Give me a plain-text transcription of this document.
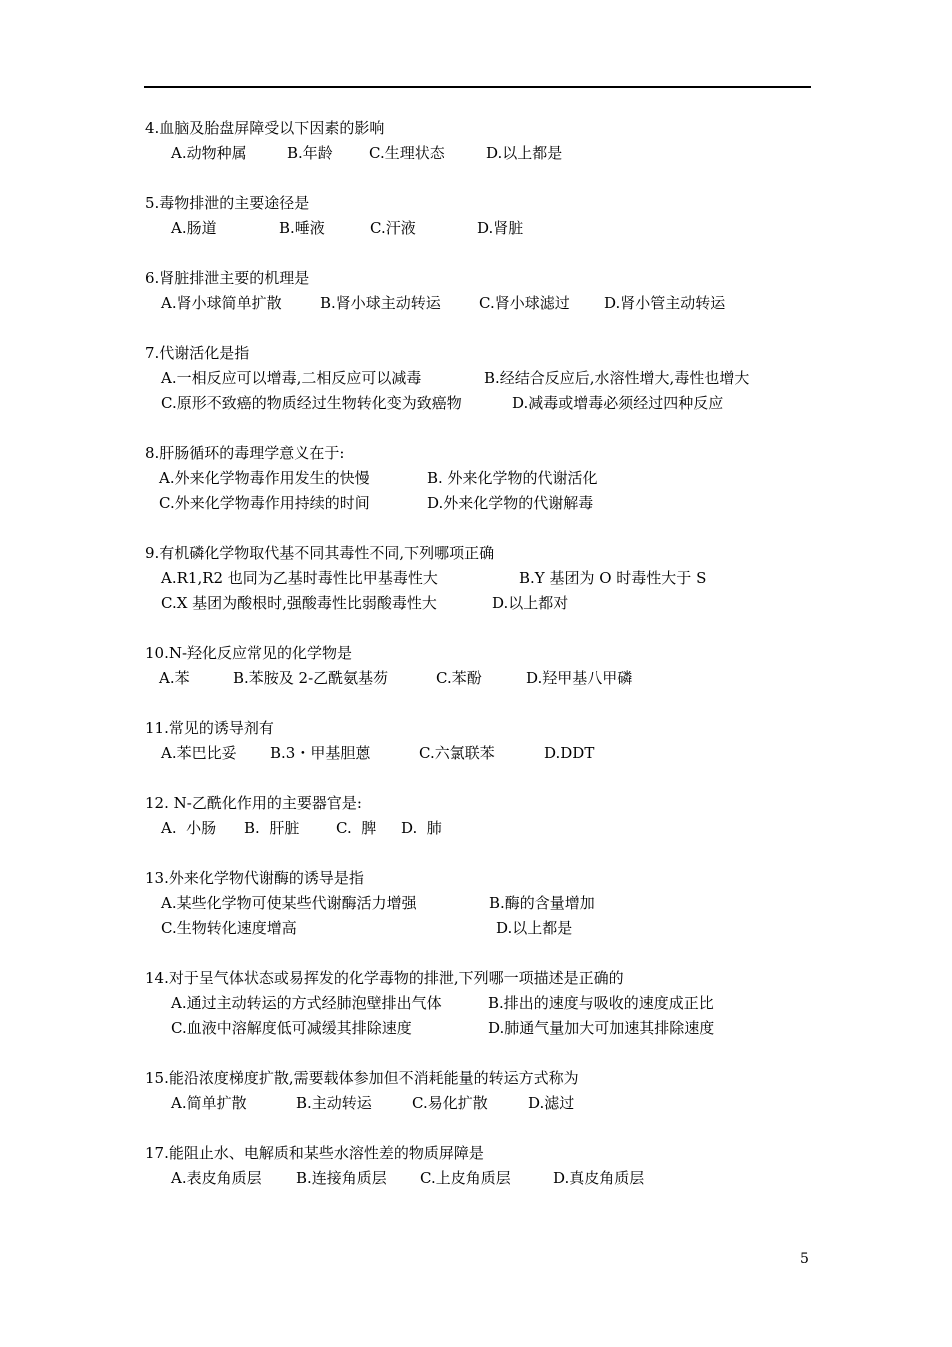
4.血脑及胎盘屏障受以下因素的影响
A.动物种属	B.年龄 C.生理状态	D.以上都是
5.毒物排泄的主要途径是
A.肠道	B.唾液	C.汗液	D.肾脏
6.肾脏排泄主要的机理是
A.肾小球简单扩散	B.肾小球主动转运	C.肾小球滤过 D.肾小管主动转运
7.代谢活化是指
A.一相反应可以增毒,二相反应可以减毒	B.经结合反应后,水溶性增大,毒性也增大
C.原形不致癌的物质经过生物转化变为致癌物	D.减毒或增毒必须经过四种反应
8.肝肠循环的毒理学意义在于:
A.外来化学物毒作用发生的快慢	B. 外来化学物的代谢活化
C.外来化学物毒作用持续的时间	D.外来化学物的代谢解毒
9.有机磷化学物取代基不同其毒性不同,下列哪项正确
A.R1,R2 也同为乙基时毒性比甲基毒性大	B.Y 基团为 O 时毒性大于 S
C.X 基团为酸根时,强酸毒性比弱酸毒性大	D.以上都对
10.N-羟化反应常见的化学物是
A.苯	B.苯胺及 2-乙酰氨基芴	C.苯酚	D.羟甲基八甲磷
11.常见的诱导剂有
A.苯巴比妥 B.3・甲基胆蒽	C.六氯联苯	D.DDT
12. N-乙酰化作用的主要器官是:
A.  小肠 B.  肝脏 C.  脾 D.  肺
13.外来化学物代谢酶的诱导是指
A.某些化学物可使某些代谢酶活力增强	B.酶的含量增加
C.生物转化速度增高	D.以上都是
14.对于呈气体状态或易挥发的化学毒物的排泄,下列哪一项描述是正确的
A.通过主动转运的方式经肺泡壁排出气体	B.排出的速度与吸收的速度成正比
C.血液中溶解度低可减缓其排除速度	D.肺通气量加大可加速其排除速度
15.能沿浓度梯度扩散,需要载体参加但不消耗能量的转运方式称为
A.简单扩散	B.主动转运	C.易化扩散	D.滤过
17.能阻止水、电解质和某些水溶性差的物质屏障是
A.表皮角质层 B.连接角质层 C.上皮角质层	D.真皮角质层
5
